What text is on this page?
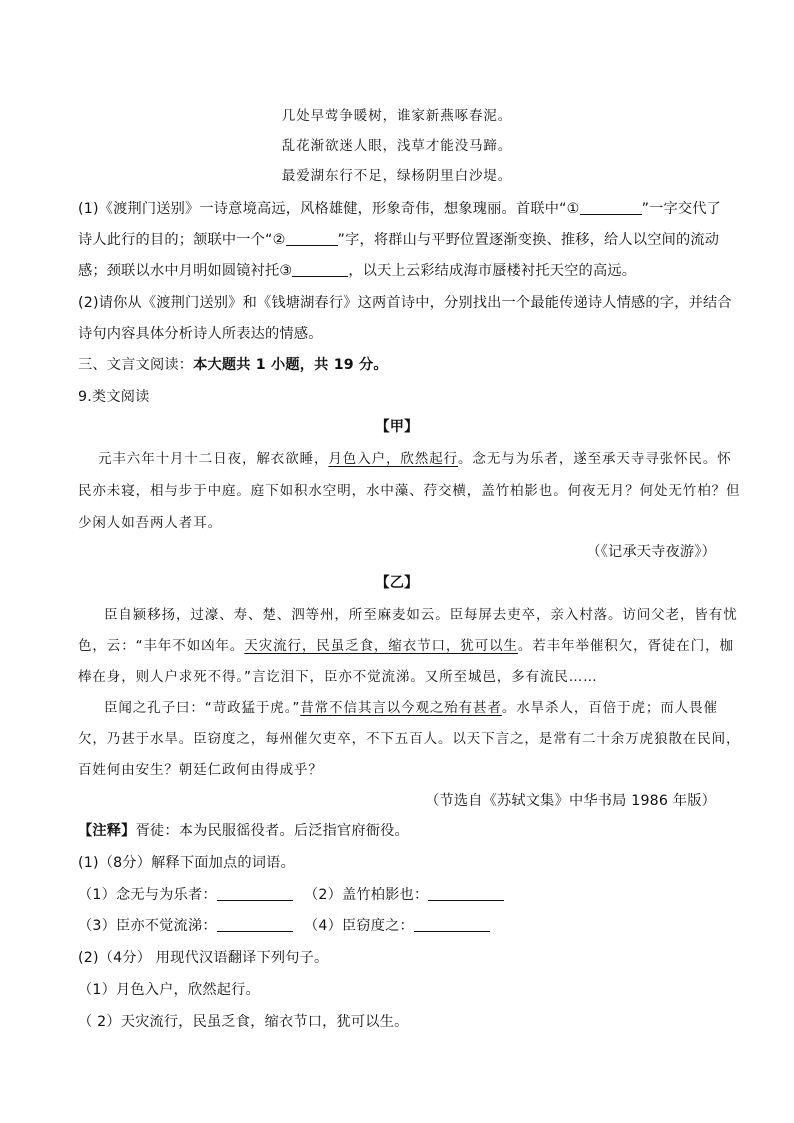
几处早莺争暖树，谁家新燕啄春泥。
乱花渐欲迷人眼，浅草才能没马蹄。
最爱湖东行不足，绿杨阴里白沙堤。
(1)《渡荆门送别》一诗意境高远，风格雄健，形象奇伟，想象瑰丽。首联中“①	”一字交代了
诗人此行的目的；颔联中一个“②	”字，将群山与平野位置逐渐变换、推移，给人以空间的流动
感；颈联以水中月明如圆镜衬托③	，以天上云彩结成海市蜃楼衬托天空的高远。
(2)请你从《渡荆门送别》和《钱塘湖春行》这两首诗中，分别找出一个最能传递诗人情感的字，并结合
诗句内容具体分析诗人所表达的情感。
三、文言文阅读：本大题共 1 小题，共 19 分。
9.类文阅读
【甲】
元丰六年十月十二日夜，解衣欲睡，月色入户，欣然起行。念无与为乐者，遂至承天寺寻张怀民。怀
民亦未寝，相与步于中庭。庭下如积水空明，水中藻、荇交横，盖竹柏影也。何夜无月？何处无竹柏？但
少闲人如吾两人者耳。
（《记承天寺夜游》）
【乙】
臣自颍移扬，过濠、寿、楚、泗等州，所至麻麦如云。臣每屏去吏卒，亲入村落。访问父老，皆有忧
色，云：“丰年不如凶年。天灾流行，民虽乏食，缩衣节口，犹可以生。若丰年举催积欠，胥徒在门，枷
棒在身，则人户求死不得。”言讫泪下，臣亦不觉流涕。又所至城邑，多有流民……
臣闻之孔子曰：“苛政猛于虎。”昔常不信其言以今观之殆有甚者。水旱杀人，百倍于虎；而人畏催
欠，乃甚于水旱。臣窃度之，每州催欠吏卒，不下五百人。以天下言之，是常有二十余万虎狼散在民间，
百姓何由安生？朝廷仁政何由得成乎？
（节选自《苏轼文集》中华书局 1986 年版）
【注释】胥徒：本为民服徭役者。后泛指官府衙役。
(1)（8分）解释下面加点的词语。
（1）念无与为乐者：	（2）盖竹柏影也：
（3）臣亦不觉流涕：	（4）臣窃度之：
(2)（4分） 用现代汉语翻译下列句子。
（1）月色入户，欣然起行。
（ 2）天灾流行，民虽乏食，缩衣节口，犹可以生。
